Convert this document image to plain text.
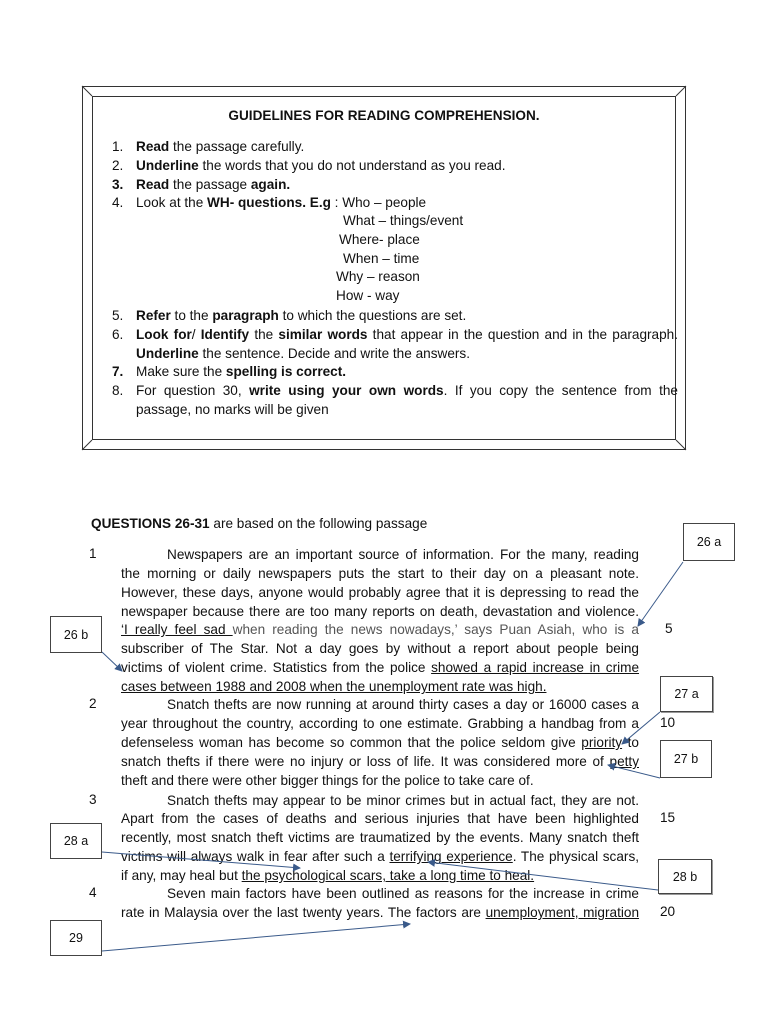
GUIDELINES FOR READING COMPREHENSION.
1. Read the passage carefully.
2. Underline the words that you do not understand as you read.
3. Read the passage again.
4. Look at the WH- questions. E.g : Who – people
What – things/event
Where- place
When – time
Why – reason
How - way
5. Refer to the paragraph to which the questions are set.
6. Look for/ Identify the similar words that appear in the question and in the paragraph. Underline the sentence. Decide and write the answers.
7. Make sure the spelling is correct.
8. For question 30, write using your own words. If you copy the sentence from the passage, no marks will be given
QUESTIONS 26-31 are based on the following passage
Newspapers are an important source of information. For the many, reading
the morning or daily newspapers puts the start to their day on a pleasant note.
However, these days, anyone would probably agree that it is depressing to read the
newspaper because there are too many reports on death, devastation and violence.
‘I really feel sad when reading the news nowadays,’ says Puan Asiah, who is a
subscriber of The Star. Not a day goes by without a report about people being
victims of violent crime. Statistics from the police showed a rapid increase in crime
cases between 1988 and 2008 when the unemployment rate was high.
Snatch thefts are now running at around thirty cases a day or 16000 cases a
year throughout the country, according to one estimate. Grabbing a handbag from a
defenseless woman has become so common that the police seldom give priority to
snatch thefts if there were no injury or loss of life. It was considered more of petty
theft and there were other bigger things for the police to take care of.
Snatch thefts may appear to be minor crimes but in actual fact, they are not.
Apart from the cases of deaths and serious injuries that have been highlighted
recently, most snatch theft victims are traumatized by the events. Many snatch theft
victims will always walk in fear after such a terrifying experience. The physical scars,
if any, may heal but the psychological scars, take a long time to heal.
Seven main factors have been outlined as reasons for the increase in crime
rate in Malaysia over the last twenty years. The factors are unemployment, migration
1
2
3
4
5
10
15
20
26 a
26 b
27 a
27 b
28 a
28 b
29
